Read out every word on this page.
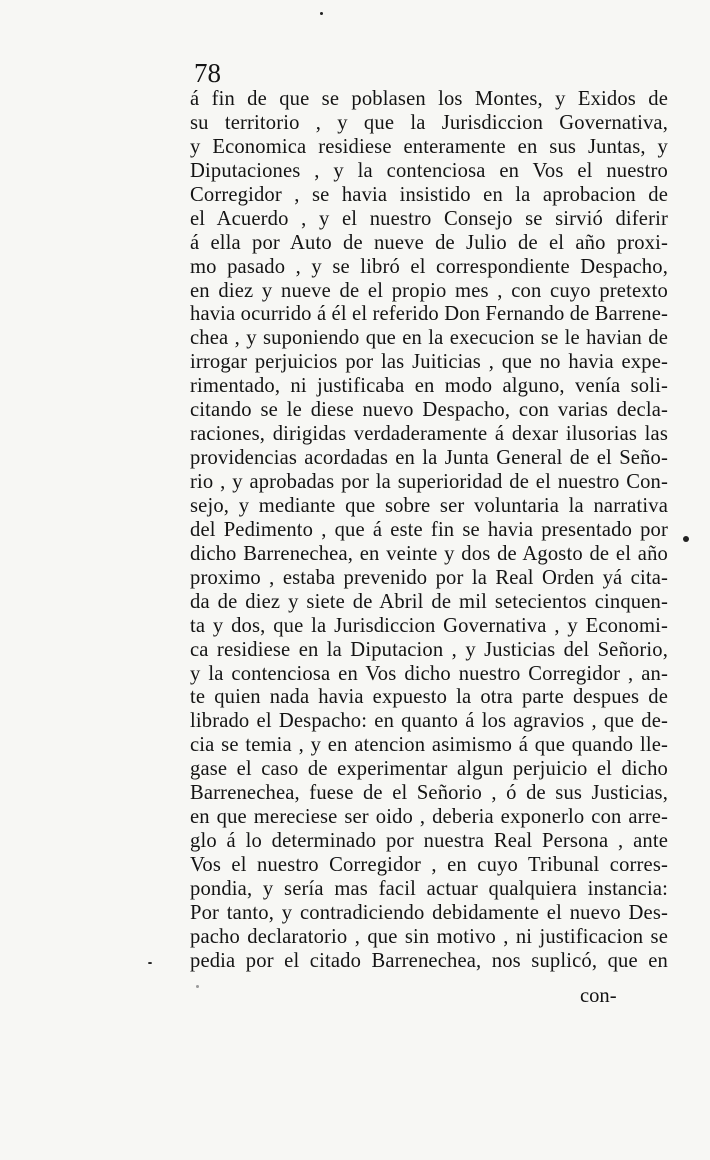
78
á fin de que se poblasen los Montes, y Exidos de
su territorio , y que la Jurisdiccion Governativa,
y Economica residiese enteramente en sus Juntas, y
Diputaciones , y la contenciosa en Vos el nuestro
Corregidor , se havia insistido en la aprobacion de
el Acuerdo , y el nuestro Consejo se sirvió diferir
á ella por Auto de nueve de Julio de el año proxi-
mo pasado , y se libró el correspondiente Despacho,
en diez y nueve de el propio mes , con cuyo pretexto
havia ocurrido á él el referido Don Fernando de Barrene-
chea , y suponiendo que en la execucion se le havian de
irrogar perjuicios por las Juiticias , que no havia expe-
rimentado, ni justificaba en modo alguno, venía soli-
citando se le diese nuevo Despacho, con varias decla-
raciones, dirigidas verdaderamente á dexar ilusorias las
providencias acordadas en la Junta General de el Seño-
rio , y aprobadas por la superioridad de el nuestro Con-
sejo, y mediante que sobre ser voluntaria la narrativa
del Pedimento , que á este fin se havia presentado por
dicho Barrenechea, en veinte y dos de Agosto de el año
proximo , estaba prevenido por la Real Orden yá cita-
da de diez y siete de Abril de mil setecientos cinquen-
ta y dos, que la Jurisdiccion Governativa , y Economi-
ca residiese en la Diputacion , y Justicias del Señorio,
y la contenciosa en Vos dicho nuestro Corregidor , an-
te quien nada havia expuesto la otra parte despues de
librado el Despacho: en quanto á los agravios , que de-
cia se temia , y en atencion asimismo á que quando lle-
gase el caso de experimentar algun perjuicio el dicho
Barrenechea, fuese de el Señorio , ó de sus Justicias,
en que mereciese ser oido , deberia exponerlo con arre-
glo á lo determinado por nuestra Real Persona , ante
Vos el nuestro Corregidor , en cuyo Tribunal corres-
pondia, y sería mas facil actuar qualquiera instancia:
Por tanto, y contradiciendo debidamente el nuevo Des-
pacho declaratorio , que sin motivo , ni justificacion se
pedia por el citado Barrenechea, nos suplicó, que en
con-
